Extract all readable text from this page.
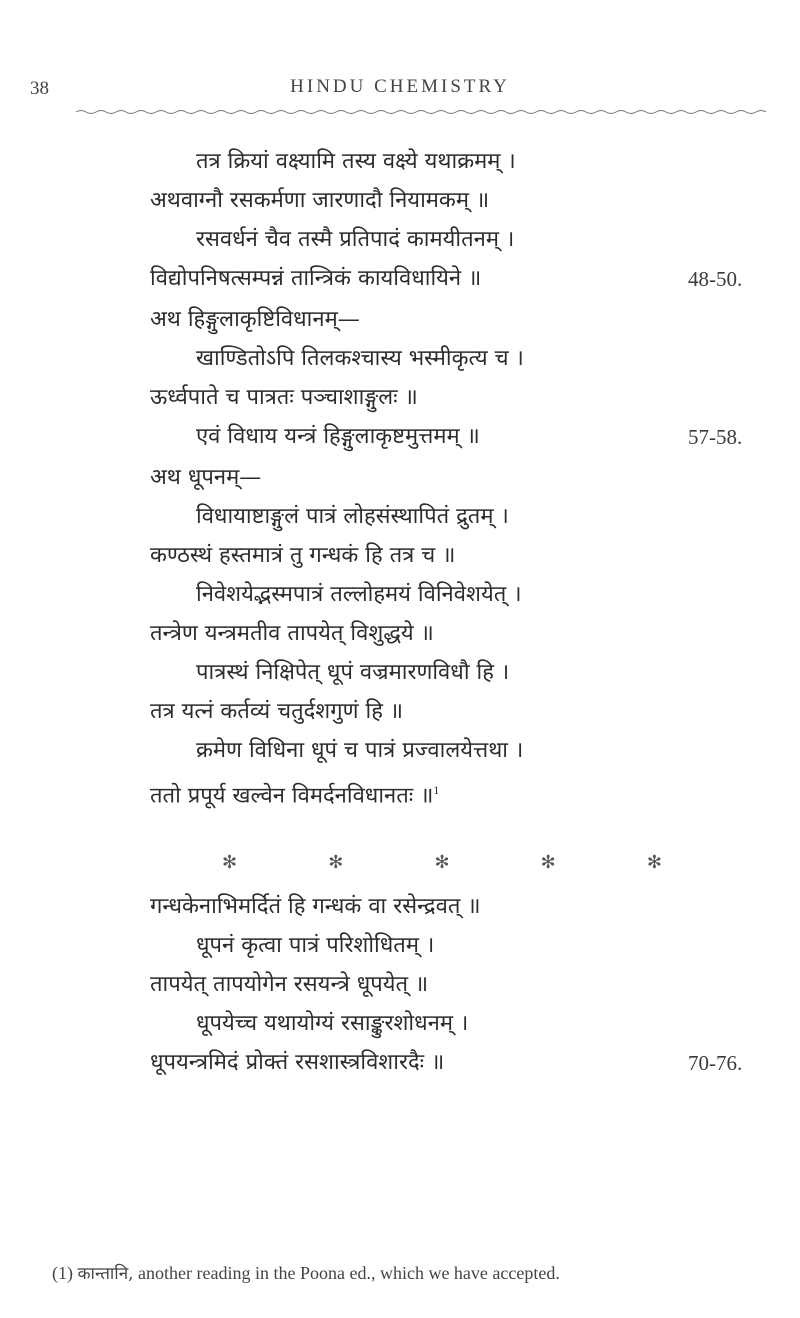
38	HINDU CHEMISTRY
तत्र क्रियां वक्ष्यामि तस्य वक्ष्ये यथाक्रमम् ।
अथवाग्नौ रसकर्मणा जारणादौ नियामकम् ॥
रसवर्धनं चैव तस्मै प्रतिपादं कामयीतनम् ।
विद्योपनिषत्सम्पन्नं तान्त्रिकं कायविधायिने ॥	48-50.
अथ हिङ्गुलाकृष्टिविधानम्—
खाण्डितोऽपि तिलकश्चास्य भस्मीकृत्य च ।
ऊर्ध्वपाते च पात्रतः पञ्चाशाङ्गुलः ॥
एवं विधाय यन्त्रं हिङ्गुलाकृष्टमुत्तमम् ॥	57-58.
अथ धूपनम्—
विधायाष्टाङ्गुलं पात्रं लोहसंस्थापितं द्रुतम् ।
कण्ठस्थं हस्तमात्रं तु गन्धकं हि तत्र च ॥
निवेशयेद्भस्मपात्रं तल्लोहमयं विनिवेशयेत् ।
तन्त्रेण यन्त्रमतीव तापयेत् विशुद्धये ॥
पात्रस्थं निक्षिपेत् धूपं वज्रमारणविधौ हि ।
तत्र यत्नं कर्तव्यं चतुर्दशगुणं हि ॥
क्रमेण विधिना धूपं च पात्रं प्रज्वालयेत्तथा ।
ततो प्रपूर्य खल्वेन विमर्दनविधानतः ॥$^1$
✻	✻	✻	✻	✻
गन्धकेनाभिमर्दितं हि गन्धकं वा रसेन्द्रवत् ॥
धूपनं कृत्वा पात्रं परिशोधितम् ।
तापयेत् तापयोगेन रसयन्त्रे धूपयेत् ॥
धूपयेच्च यथायोग्यं रसाङ्कुरशोधनम् ।
धूपयन्त्रमिदं प्रोक्तं रसशास्त्रविशारदैः ॥	70-76.
(1) कान्तानि, another reading in the Poona ed., which we have accepted.
